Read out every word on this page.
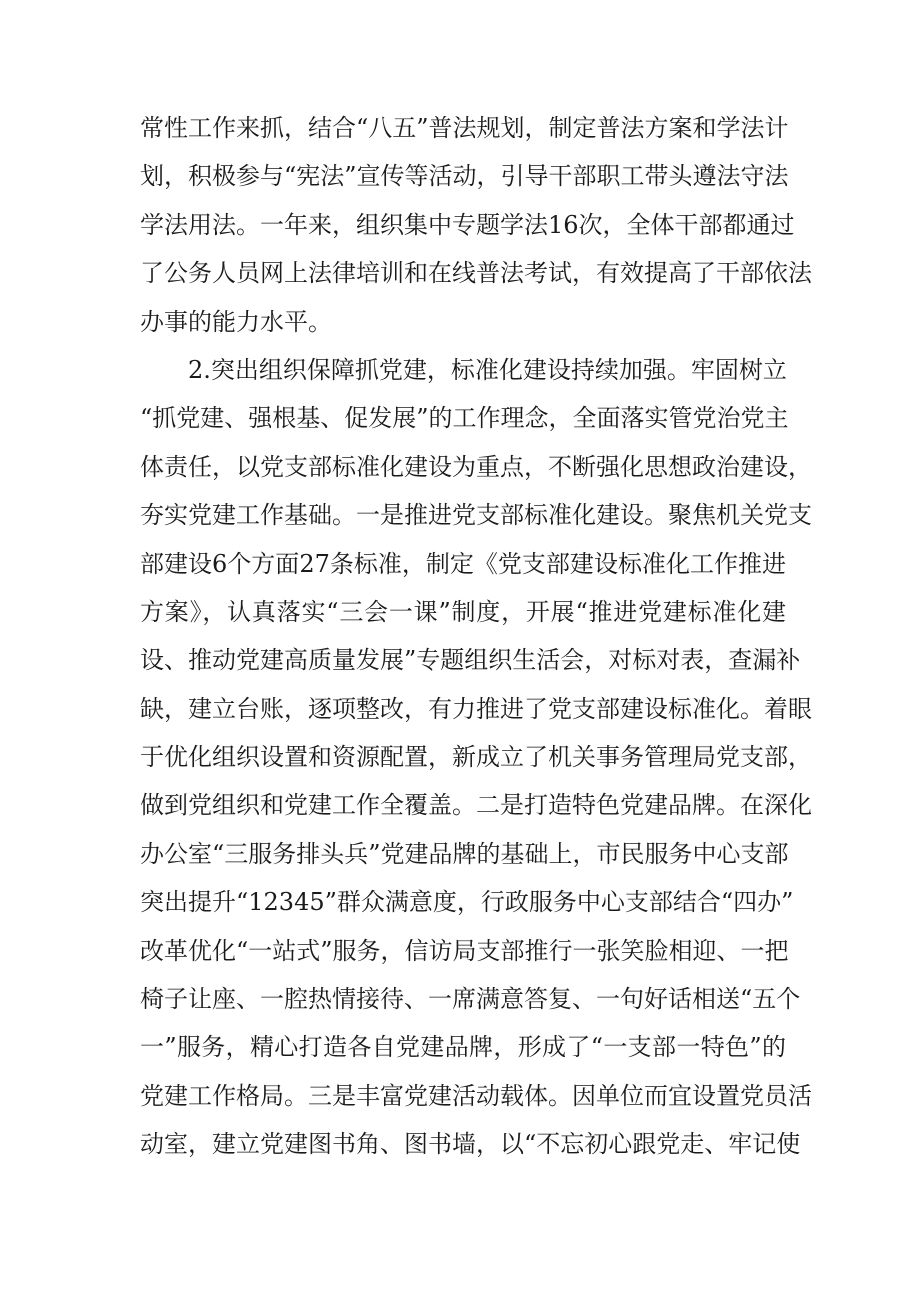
常性工作来抓，结合“八五”普法规划，制定普法方案和学法计
划，积极参与“宪法”宣传等活动，引导干部职工带头遵法守法
学法用法。一年来，组织集中专题学法16次，全体干部都通过
了公务人员网上法律培训和在线普法考试，有效提高了干部依法
办事的能力水平。
　　2.突出组织保障抓党建，标准化建设持续加强。牢固树立
“抓党建、强根基、促发展”的工作理念，全面落实管党治党主
体责任，以党支部标准化建设为重点，不断强化思想政治建设，
夯实党建工作基础。一是推进党支部标准化建设。聚焦机关党支
部建设6个方面27条标准，制定《党支部建设标准化工作推进
方案》，认真落实“三会一课”制度，开展“推进党建标准化建
设、推动党建高质量发展”专题组织生活会，对标对表，查漏补
缺，建立台账，逐项整改，有力推进了党支部建设标准化。着眼
于优化组织设置和资源配置，新成立了机关事务管理局党支部，
做到党组织和党建工作全覆盖。二是打造特色党建品牌。在深化
办公室“三服务排头兵”党建品牌的基础上，市民服务中心支部
突出提升“12345”群众满意度，行政服务中心支部结合“四办”
改革优化“一站式”服务，信访局支部推行一张笑脸相迎、一把
椅子让座、一腔热情接待、一席满意答复、一句好话相送“五个
一”服务，精心打造各自党建品牌，形成了“一支部一特色”的
党建工作格局。三是丰富党建活动载体。因单位而宜设置党员活
动室，建立党建图书角、图书墙，以“不忘初心跟党走、牢记使
